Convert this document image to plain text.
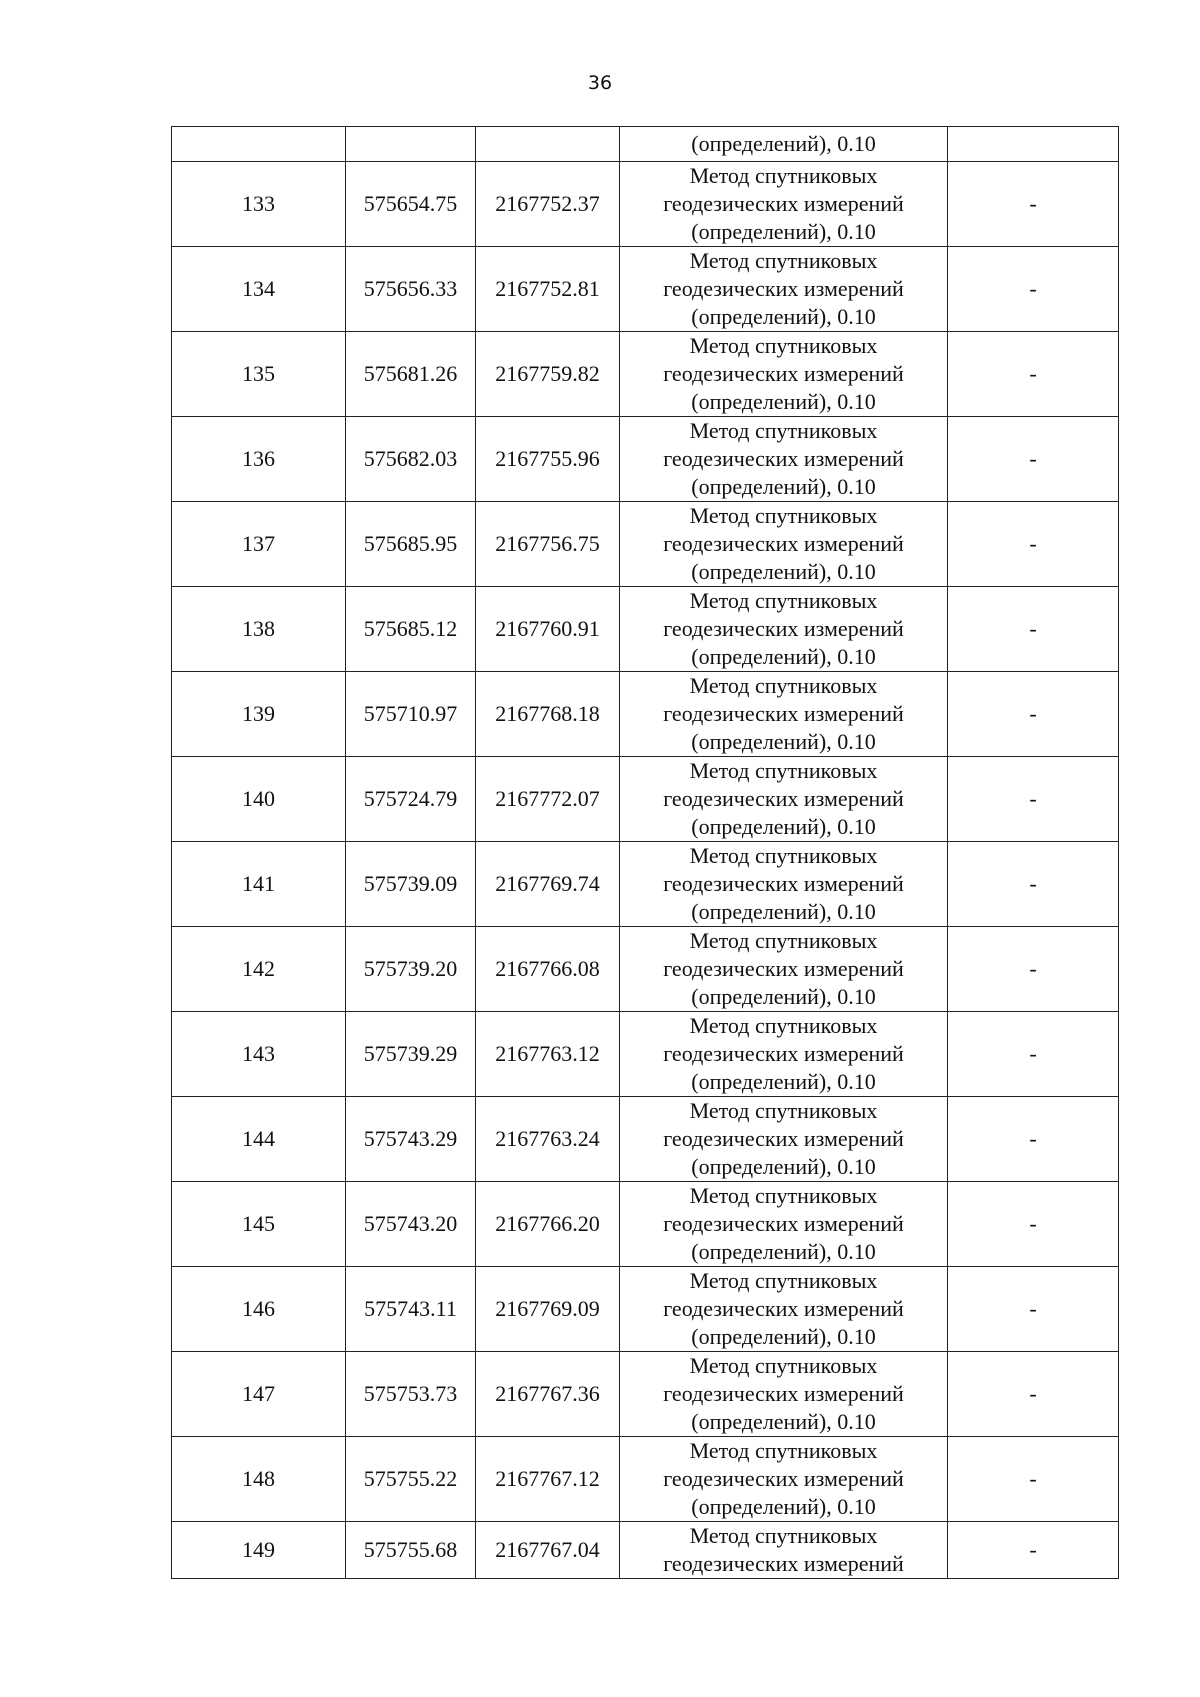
36

			(определений), 0.10	

133	575654.75	2167752.37	Метод спутниковых
геодезических измерений
(определений), 0.10	-
134	575656.33	2167752.81	Метод спутниковых
геодезических измерений
(определений), 0.10	-
135	575681.26	2167759.82	Метод спутниковых
геодезических измерений
(определений), 0.10	-
136	575682.03	2167755.96	Метод спутниковых
геодезических измерений
(определений), 0.10	-
137	575685.95	2167756.75	Метод спутниковых
геодезических измерений
(определений), 0.10	-
138	575685.12	2167760.91	Метод спутниковых
геодезических измерений
(определений), 0.10	-
139	575710.97	2167768.18	Метод спутниковых
геодезических измерений
(определений), 0.10	-
140	575724.79	2167772.07	Метод спутниковых
геодезических измерений
(определений), 0.10	-
141	575739.09	2167769.74	Метод спутниковых
геодезических измерений
(определений), 0.10	-
142	575739.20	2167766.08	Метод спутниковых
геодезических измерений
(определений), 0.10	-
143	575739.29	2167763.12	Метод спутниковых
геодезических измерений
(определений), 0.10	-
144	575743.29	2167763.24	Метод спутниковых
геодезических измерений
(определений), 0.10	-
145	575743.20	2167766.20	Метод спутниковых
геодезических измерений
(определений), 0.10	-
146	575743.11	2167769.09	Метод спутниковых
геодезических измерений
(определений), 0.10	-
147	575753.73	2167767.36	Метод спутниковых
геодезических измерений
(определений), 0.10	-
148	575755.22	2167767.12	Метод спутниковых
геодезических измерений
(определений), 0.10	-
149	575755.68	2167767.04	Метод спутниковых
геодезических измерений	-
